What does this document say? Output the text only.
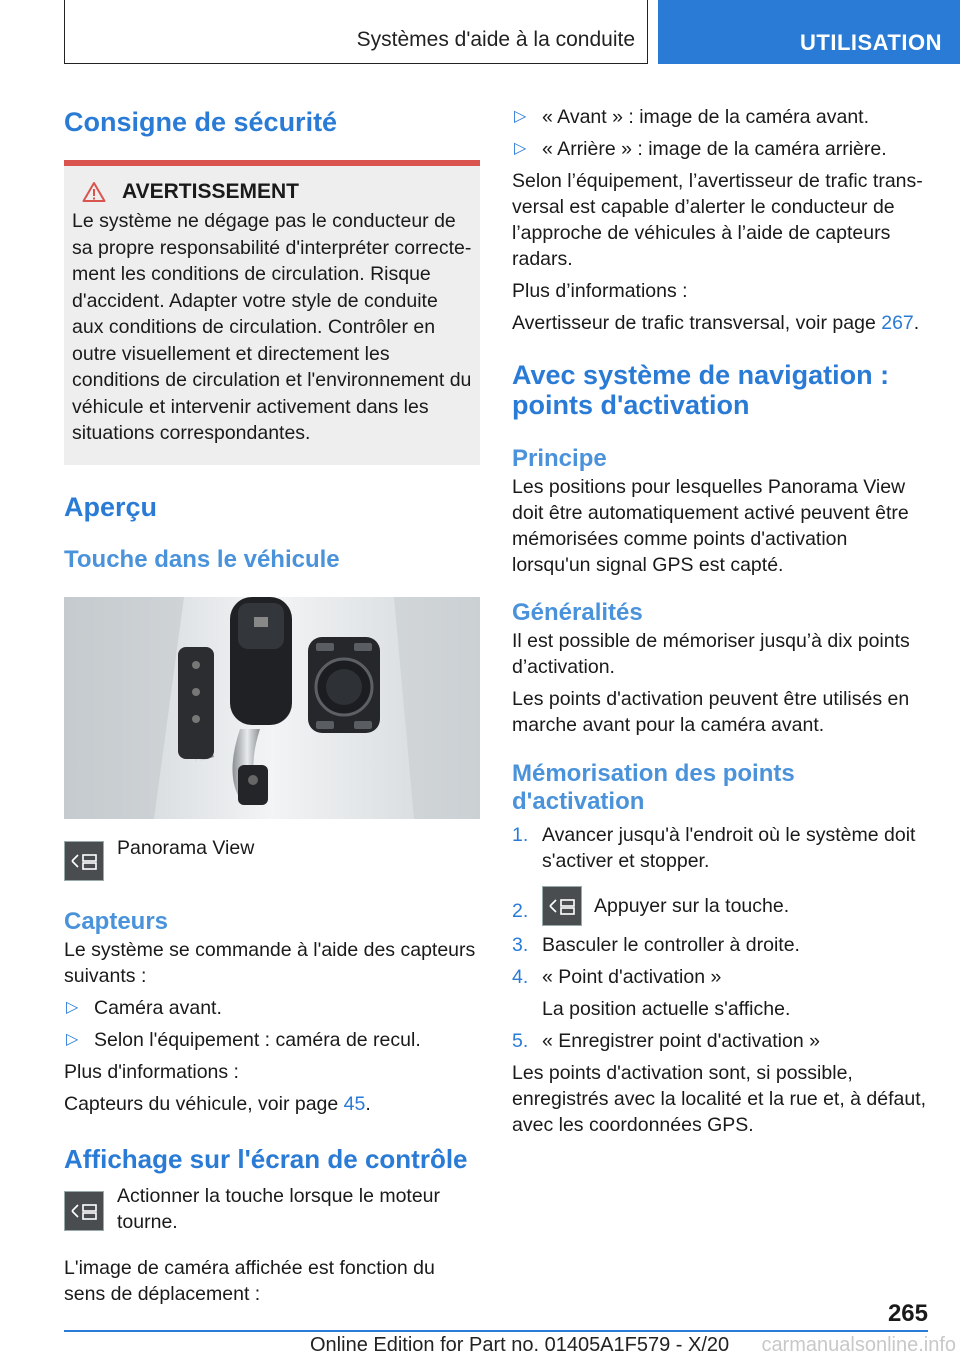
Systèmes d'aide à la conduite	UTILISATION
Consigne de sécurité
AVERTISSEMENT

Le système ne dégage pas le conducteur de sa propre responsabilité d'interpréter correctement les conditions de circulation. Risque d'accident. Adapter votre style de conduite aux conditions de circulation. Contrôler en outre visuellement et directement les conditions de circulation et l'environnement du véhicule et intervenir activement dans les situations correspondantes.

Aperçu
Touche dans le véhicule

Panorama View

Capteurs

Le système se commande à l'aide des capteurs suivants :

▷ Caméra avant.
▷ Selon l'équipement : caméra de recul.

Plus d'informations :

Capteurs du véhicule, voir page 45.

Affichage sur l'écran de contrôle

Actionner la touche lorsque le moteur tourne.

L'image de caméra affichée est fonction du sens de déplacement :

▷ « Avant » : image de la caméra avant.
▷ « Arrière » : image de la caméra arrière.

Selon l’équipement, l’avertisseur de trafic transversal est capable d’alerter le conducteur de l’approche de véhicules à l’aide de capteurs radars.

Plus d’informations :

Avertisseur de trafic transversal, voir page 267.

Avec système de navigation : points d'activation
Principe

Les positions pour lesquelles Panorama View doit être automatiquement activé peuvent être mémorisées comme points d'activation lorsqu'un signal GPS est capté.

Généralités

Il est possible de mémoriser jusqu’à dix points d’activation.

Les points d'activation peuvent être utilisés en marche avant pour la caméra avant.

Mémorisation des points d'activation
1. Avancer jusqu'à l'endroit où le système doit s'activer et stopper.
2.	Appuyer sur la touche.
3. Basculer le controller à droite.
4. « Point d'activation »

La position actuelle s'affiche.
5. « Enregistrer point d'activation »

Les points d'activation sont, si possible, enregistrés avec la localité et la rue et, à défaut, avec les coordonnées GPS.

265
Online Edition for Part no. 01405A1F579 - X/20 carmanualsonline.info
